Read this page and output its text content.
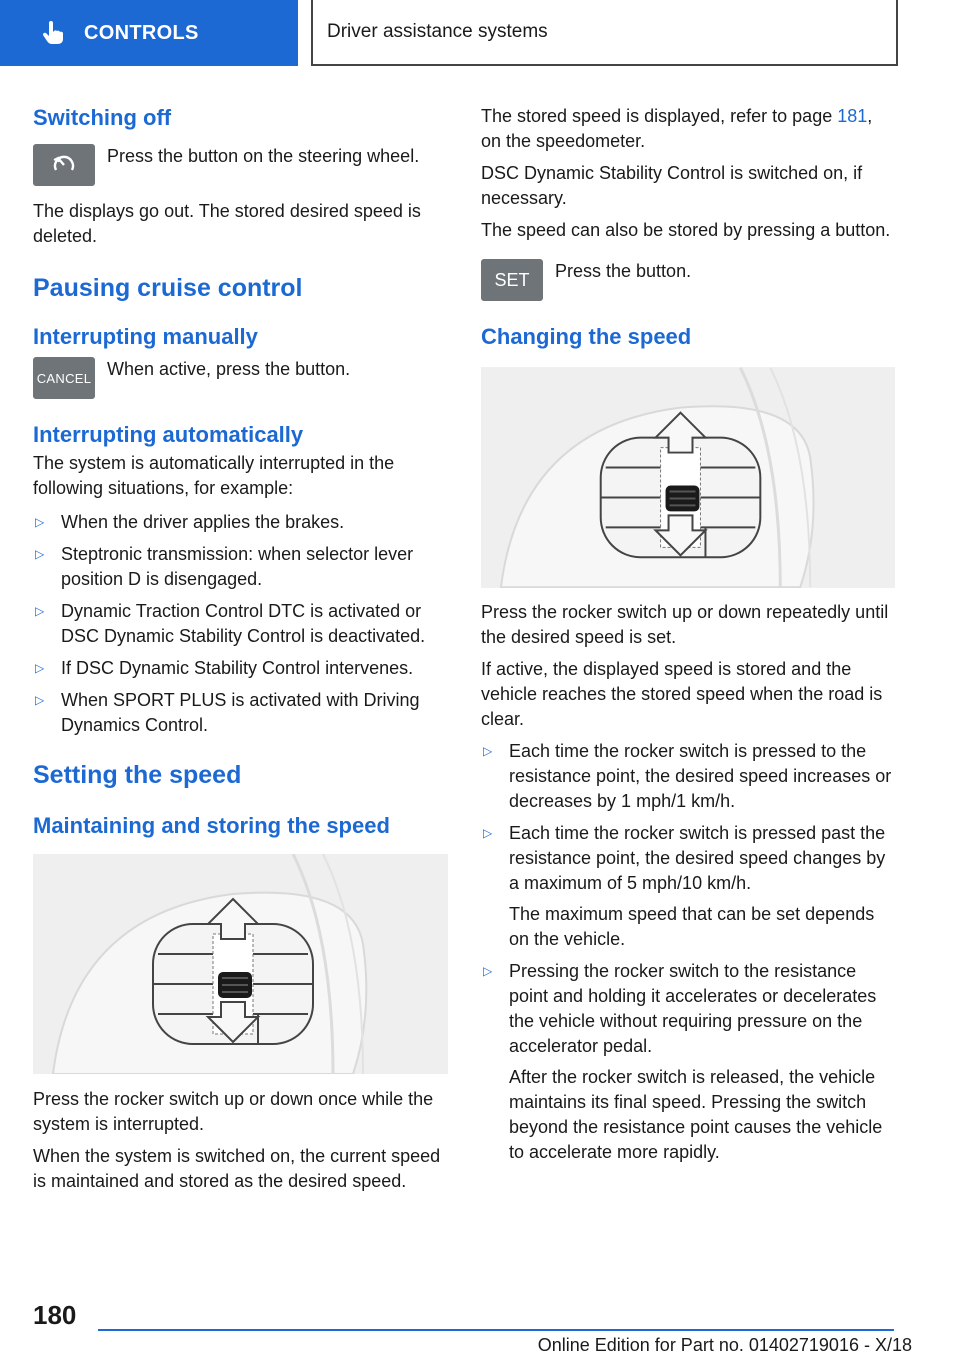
CONTROLS	Driver assistance systems
Switching off

Press the button on the steering wheel.

The displays go out. The stored desired speed is deleted.

Pausing cruise control
Interrupting manually
CANCEL When active, press the button.

Interrupting automatically

The system is automatically interrupted in the following situations, for example:

▷ When the driver applies the brakes.
▷ Steptronic transmission: when selector lever position D is disengaged.
▷ Dynamic Traction Control DTC is activated or DSC Dynamic Stability Control is deactivated.
▷ If DSC Dynamic Stability Control intervenes.
▷ When SPORT PLUS is activated with Driving Dynamics Control.
Setting the speed
Maintaining and storing the speed

Press the rocker switch up or down once while the system is interrupted.

When the system is switched on, the current speed is maintained and stored as the desired speed.

The stored speed is displayed, refer to page 181, on the speedometer.

DSC Dynamic Stability Control is switched on, if necessary.

The speed can also be stored by pressing a button.

SET Press the button.

Changing the speed

Press the rocker switch up or down repeatedly until the desired speed is set.

If active, the displayed speed is stored and the vehicle reaches the stored speed when the road is clear.

▷ Each time the rocker switch is pressed to the resistance point, the desired speed increases or decreases by 1 mph/1 km/h.
▷ Each time the rocker switch is pressed past the resistance point, the desired speed changes by a maximum of 5 mph/10 km/h.
The maximum speed that can be set depends on the vehicle.
▷ Pressing the rocker switch to the resistance point and holding it accelerates or decelerates the vehicle without requiring pressure on the accelerator pedal.
After the rocker switch is released, the vehicle maintains its final speed. Pressing the switch beyond the resistance point causes the vehicle to accelerate more rapidly.
180
Online Edition for Part no. 01402719016 - X/18
